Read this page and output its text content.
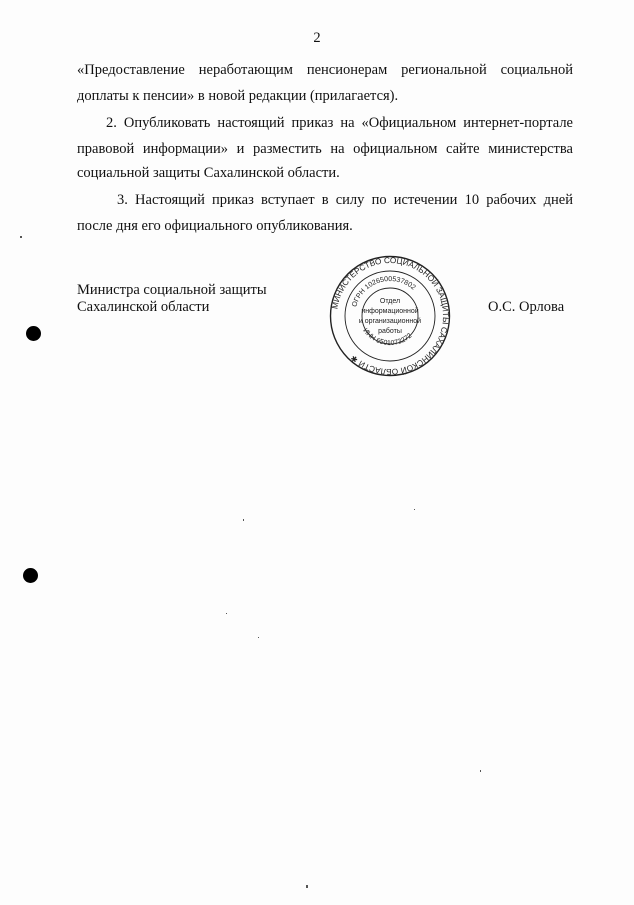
2
«Предоставление неработающим пенсионерам региональной социальной
доплаты к пенсии» в новой редакции (прилагается).
2. Опубликовать настоящий приказ на «Официальном интернет-портале
правовой информации» и разместить на официальном сайте министерства
социальной защиты Сахалинской области.
3. Настоящий приказ вступает в силу по истечении 10 рабочих дней
после дня его официального опубликования.
Министра социальной защиты
Сахалинской области	О.С. Орлова
МИНИСТЕРСТВО СОЦИАЛЬНОЙ ЗАЩИТЫ САХАЛИНСКОЙ ОБЛАСТИ ✱
ОГРН 1026500537802
ИНН 6501073272
Отдел
информационной
и организационной
работы
